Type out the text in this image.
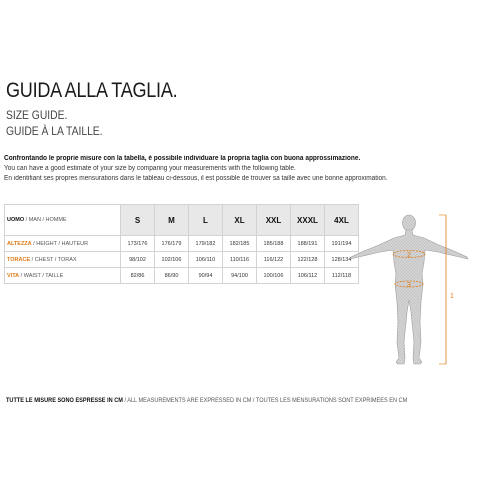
GUIDA ALLA TAGLIA.
SIZE GUIDE.
GUIDE À LA TAILLE.
Confrontando le proprie misure con la tabella, è possibile individuare la propria taglia con buona approssimazione.
You can have a good estimate of your size by comparing your measurements with the following table.
En identifiant ses propres mensurations dans le tableau ci-dessous, il est possible de trouver sa taille avec une bonne approximation.
UOMO / MAN / HOMME	S	M	L	XL	XXL	XXXL	4XL
ALTEZZA / HEIGHT / HAUTEUR	173/176	176/179	179/182	182/185	185/188	188/191	191/194
TORACE / CHEST / TORAX	98/102	102/106	106/110	110/116	116/122	122/128	128/134
VITA / WAIST / TAILLE	82/86	86/90	90/94	94/100	100/106	106/112	112/118
2
3
1
TUTTE LE MISURE SONO ESPRESSE IN CM / ALL MEASUREMENTS ARE EXPRESSED IN CM / TOUTES LES MENSURATIONS SONT EXPRIMÉES EN CM
